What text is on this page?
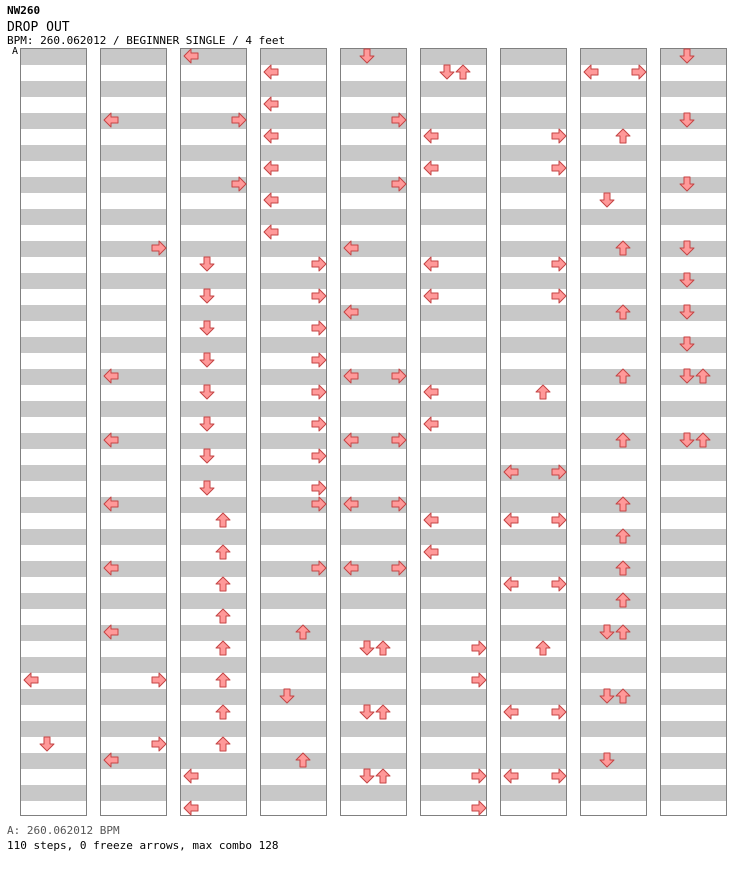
NW260
DROP OUT
BPM: 260.062012 / BEGINNER SINGLE / 4 feet
A
A: 260.062012 BPM
110 steps, 0 freeze arrows, max combo 128
